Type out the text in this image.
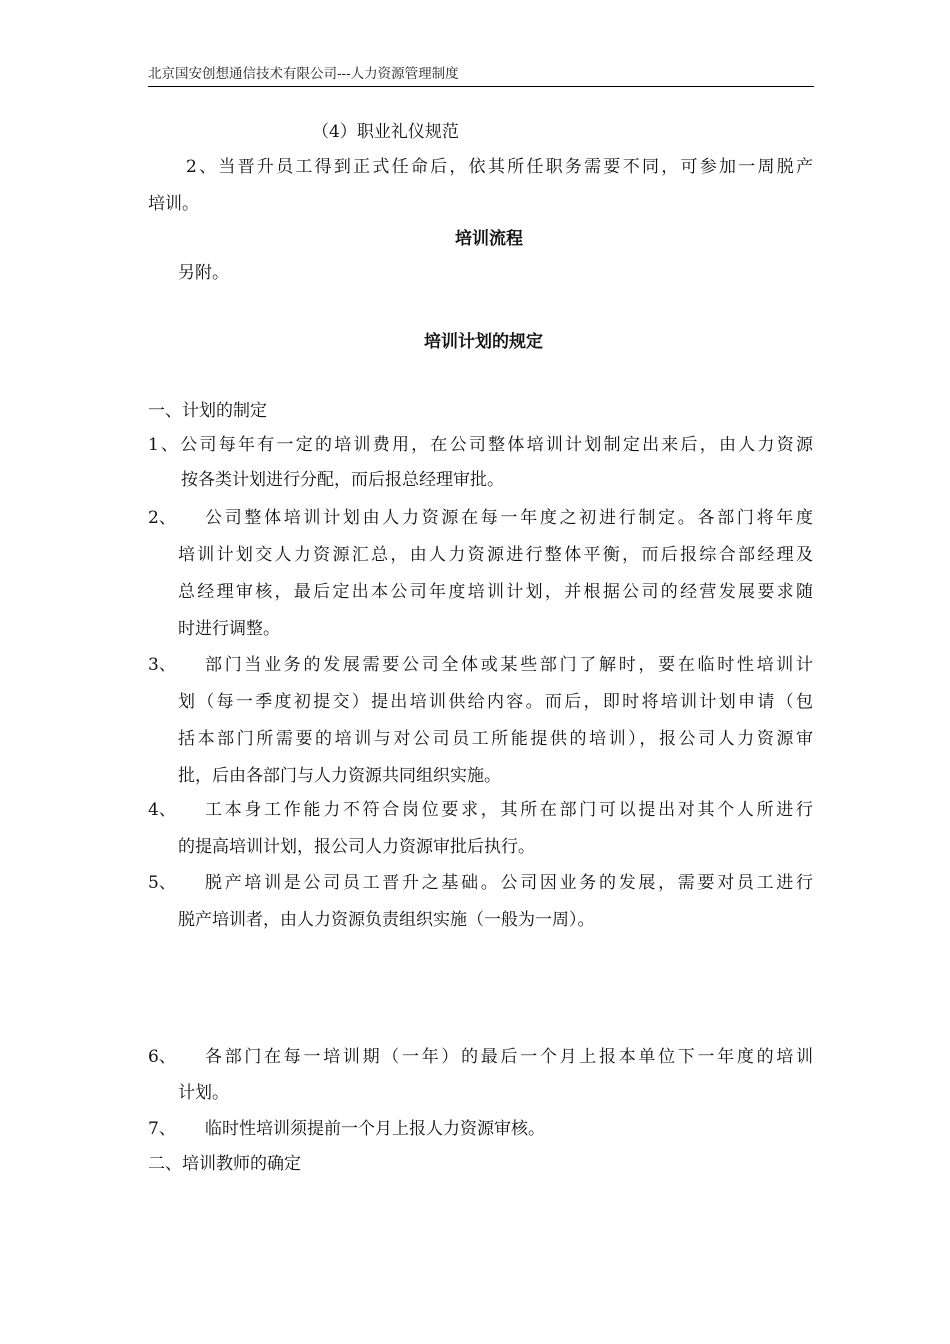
北京国安创想通信技术有限公司---人力资源管理制度
（4）职业礼仪规范
2、当晋升员工得到正式任命后，依其所任职务需要不同，可参加一周脱产
培训。
培训流程
另附。
培训计划的规定
一、计划的制定
1、公司每年有一定的培训费用，在公司整体培训计划制定出来后，由人力资源
按各类计划进行分配，而后报总经理审批。
2、 公司整体培训计划由人力资源在每一年度之初进行制定。各部门将年度
培训计划交人力资源汇总，由人力资源进行整体平衡，而后报综合部经理及
总经理审核，最后定出本公司年度培训计划，并根据公司的经营发展要求随
时进行调整。
3、 部门当业务的发展需要公司全体或某些部门了解时，要在临时性培训计
划（每一季度初提交）提出培训供给内容。而后，即时将培训计划申请（包
括本部门所需要的培训与对公司员工所能提供的培训），报公司人力资源审
批，后由各部门与人力资源共同组织实施。
4、 工本身工作能力不符合岗位要求，其所在部门可以提出对其个人所进行
的提高培训计划，报公司人力资源审批后执行。
5、 脱产培训是公司员工晋升之基础。公司因业务的发展，需要对员工进行
脱产培训者，由人力资源负责组织实施（一般为一周）。
6、 各部门在每一培训期（一年）的最后一个月上报本单位下一年度的培训
计划。
7、 临时性培训须提前一个月上报人力资源审核。
二、培训教师的确定
